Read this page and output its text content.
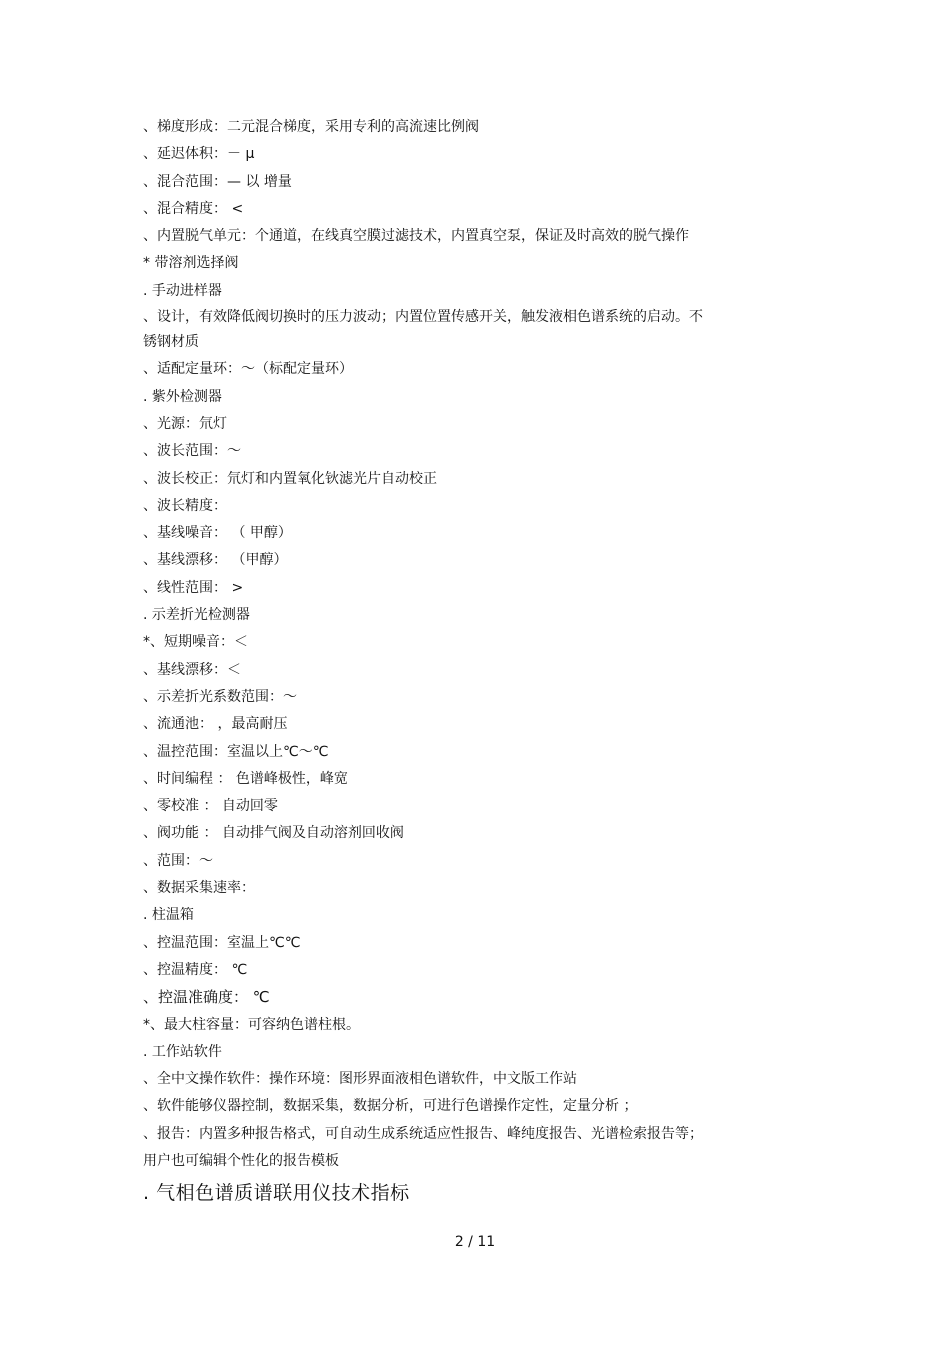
、梯度形成：二元混合梯度，采用专利的高流速比例阀
、延迟体积：－ μ
、混合范围：— 以 增量
、混合精度： <
、内置脱气单元：个通道，在线真空膜过滤技术，内置真空泵，保证及时高效的脱气操作
* 带溶剂选择阀
. 手动进样器
、设计，有效降低阀切换时的压力波动；内置位置传感开关，触发液相色谱系统的启动。不
锈钢材质
、适配定量环：～（标配定量环）
. 紫外检测器
、光源：氘灯
、波长范围：～
、波长校正：氘灯和内置氧化钬滤光片自动校正
、波长精度：
、基线噪音： （ 甲醇）
、基线漂移： （甲醇）
、线性范围： >
. 示差折光检测器
*、短期噪音：＜
、基线漂移：＜
、示差折光系数范围：～
、流通池： ，最高耐压
、温控范围：室温以上℃～℃
、时间编程 ： 色谱峰极性，峰宽
、零校准 ： 自动回零
、阀功能 ： 自动排气阀及自动溶剂回收阀
、范围：～
、数据采集速率：
. 柱温箱
、控温范围：室温上℃℃
、控温精度： ℃
、控温准确度： ℃
*、最大柱容量：可容纳色谱柱根。
. 工作站软件
、全中文操作软件：操作环境：图形界面液相色谱软件，中文版工作站
、软件能够仪器控制，数据采集，数据分析，可进行色谱操作定性，定量分析 ；
、报告：内置多种报告格式，可自动生成系统适应性报告、峰纯度报告、光谱检索报告等；
用户也可编辑个性化的报告模板
. 气相色谱质谱联用仪技术指标
2 / 11
